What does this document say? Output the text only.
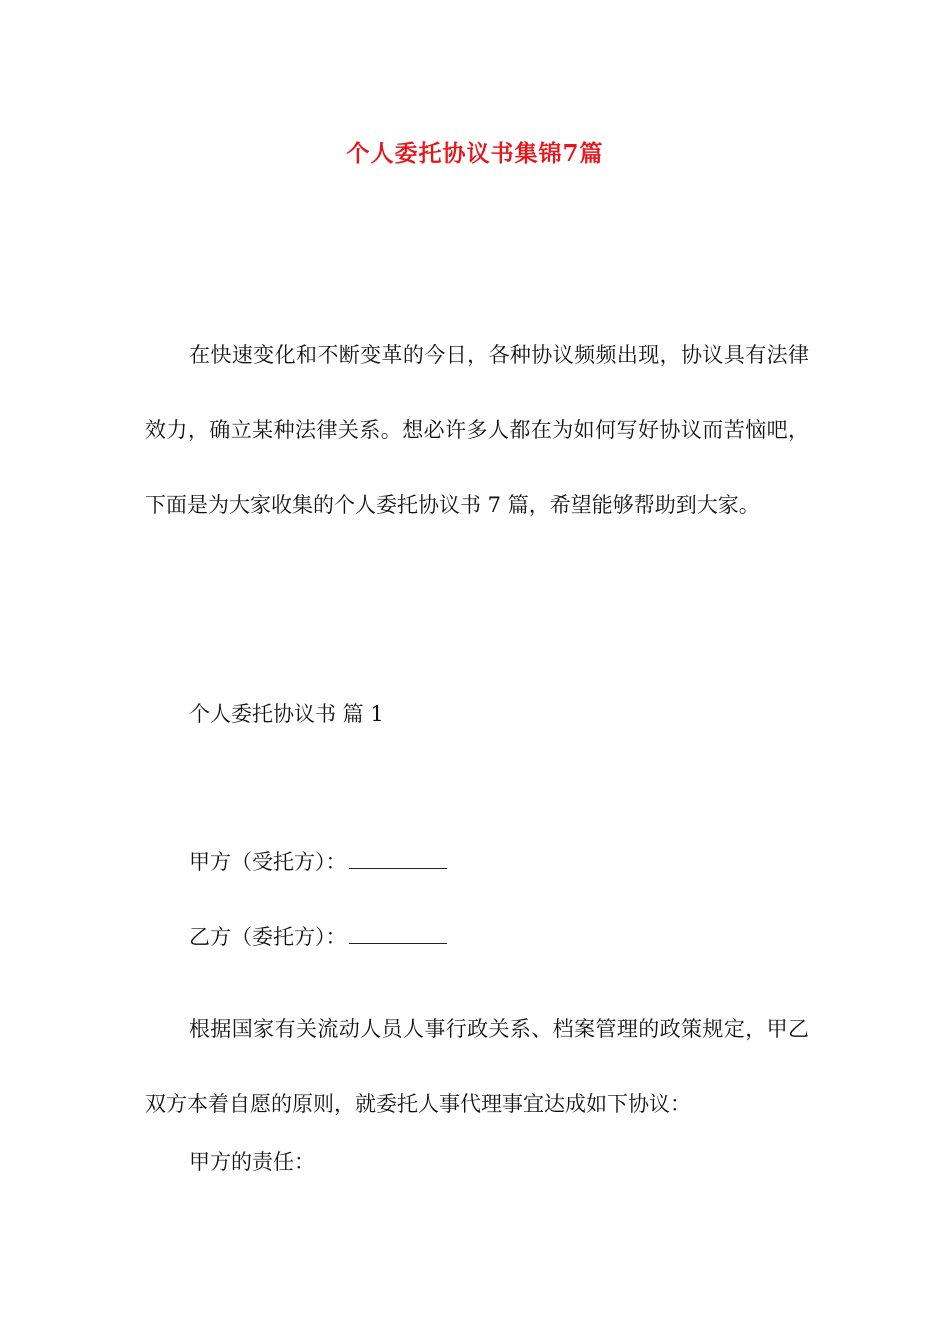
个人委托协议书集锦7篇

在快速变化和不断变革的今日，各种协议频频出现，协议具有法律效力，确立某种法律关系。想必许多人都在为如何写好协议而苦恼吧，下面是为大家收集的个人委托协议书 7 篇，希望能够帮助到大家。

个人委托协议书 篇 1
甲方（受托方）：
乙方（委托方）：

根据国家有关流动人员人事行政关系、档案管理的政策规定，甲乙双方本着自愿的原则，就委托人事代理事宜达成如下协议：

甲方的责任：
